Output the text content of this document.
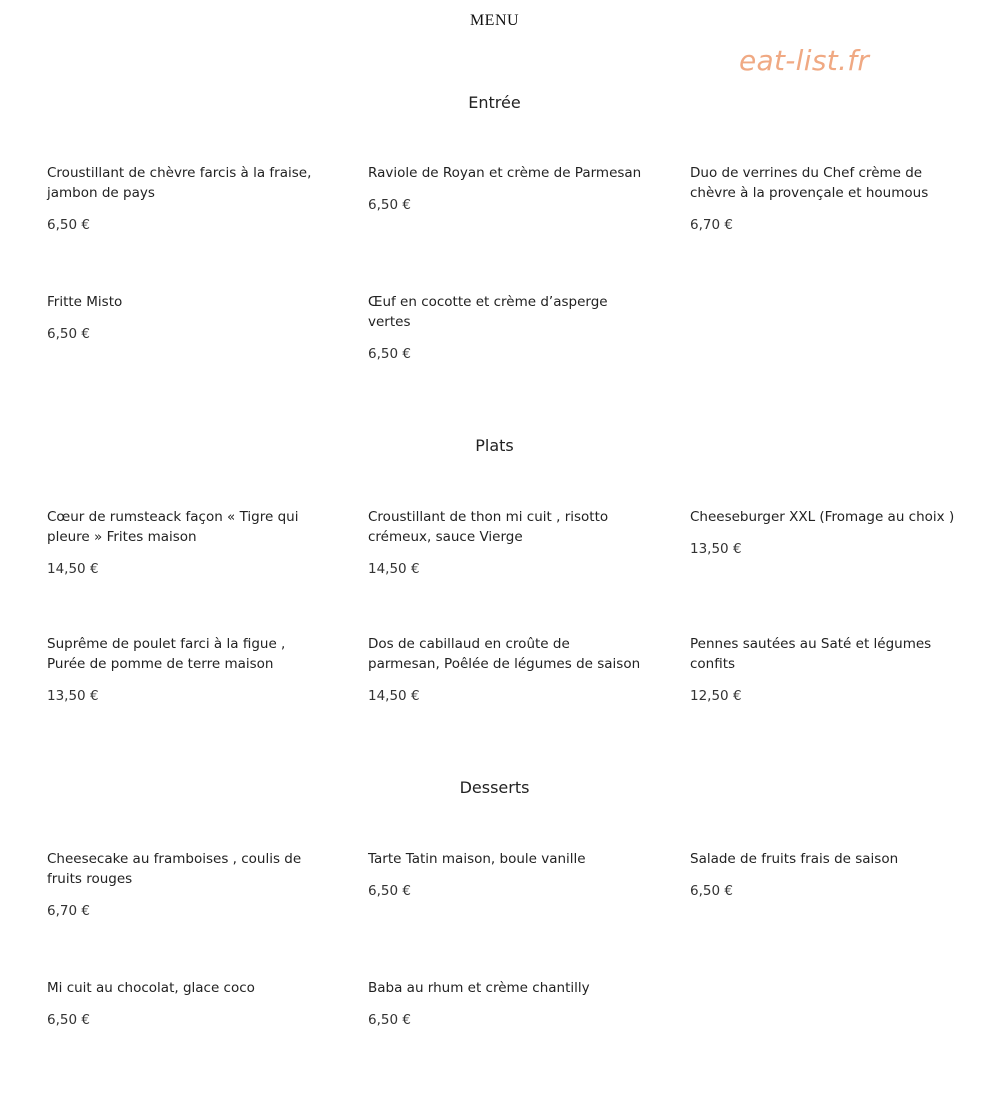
MENU
eat-list.fr
Entrée
Croustillant de chèvre farcis à la fraise, jambon de pays
6,50 €
Raviole de Royan et crème de Parmesan
6,50 €
Duo de verrines du Chef crème de chèvre à la provençale et houmous
6,70 €
Fritte Misto
6,50 €
Œuf en cocotte et crème d’asperge vertes
6,50 €
Plats
Cœur de rumsteack façon « Tigre qui pleure » Frites maison
14,50 €
Croustillant de thon mi cuit , risotto crémeux, sauce Vierge
14,50 €
Cheeseburger XXL (Fromage au choix )
13,50 €
Suprême de poulet farci à la figue , Purée de pomme de terre maison
13,50 €
Dos de cabillaud en croûte de parmesan, Poêlée de légumes de saison
14,50 €
Pennes sautées au Saté et légumes confits
12,50 €
Desserts
Cheesecake au framboises , coulis de fruits rouges
6,70 €
Tarte Tatin maison, boule vanille
6,50 €
Salade de fruits frais de saison
6,50 €
Mi cuit au chocolat, glace coco
6,50 €
Baba au rhum et crème chantilly
6,50 €
